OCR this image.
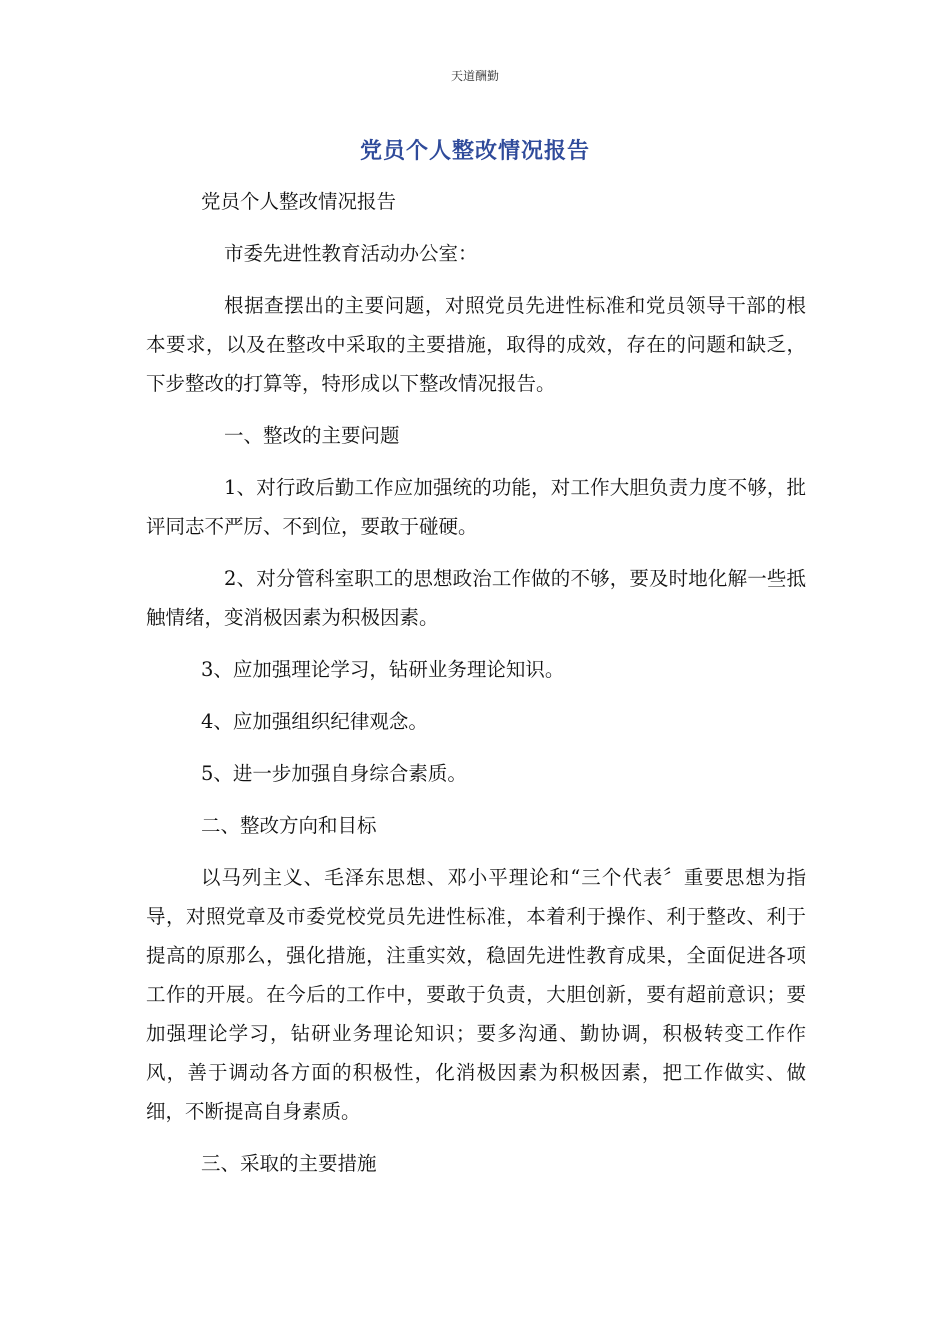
天道酬勤
党员个人整改情况报告

党员个人整改情况报告

市委先进性教育活动办公室：

根据查摆出的主要问题，对照党员先进性标准和党员领导干部的根本要求，以及在整改中采取的主要措施，取得的成效，存在的问题和缺乏，下步整改的打算等，特形成以下整改情况报告。

一、整改的主要问题

1、对行政后勤工作应加强统的功能，对工作大胆负责力度不够，批评同志不严厉、不到位，要敢于碰硬。

2、对分管科室职工的思想政治工作做的不够，要及时地化解一些抵触情绪，变消极因素为积极因素。

3、应加强理论学习，钻研业务理论知识。

4、应加强组织纪律观念。

5、进一步加强自身综合素质。

二、整改方向和目标

以马列主义、毛泽东思想、邓小平理论和“三个代表〞重要思想为指导，对照党章及市委党校党员先进性标准，本着利于操作、利于整改、利于提高的原那么，强化措施，注重实效，稳固先进性教育成果，全面促进各项工作的开展。在今后的工作中，要敢于负责，大胆创新，要有超前意识；要加强理论学习，钻研业务理论知识；要多沟通、勤协调，积极转变工作作风，善于调动各方面的积极性，化消极因素为积极因素，把工作做实、做细，不断提高自身素质。

三、采取的主要措施
